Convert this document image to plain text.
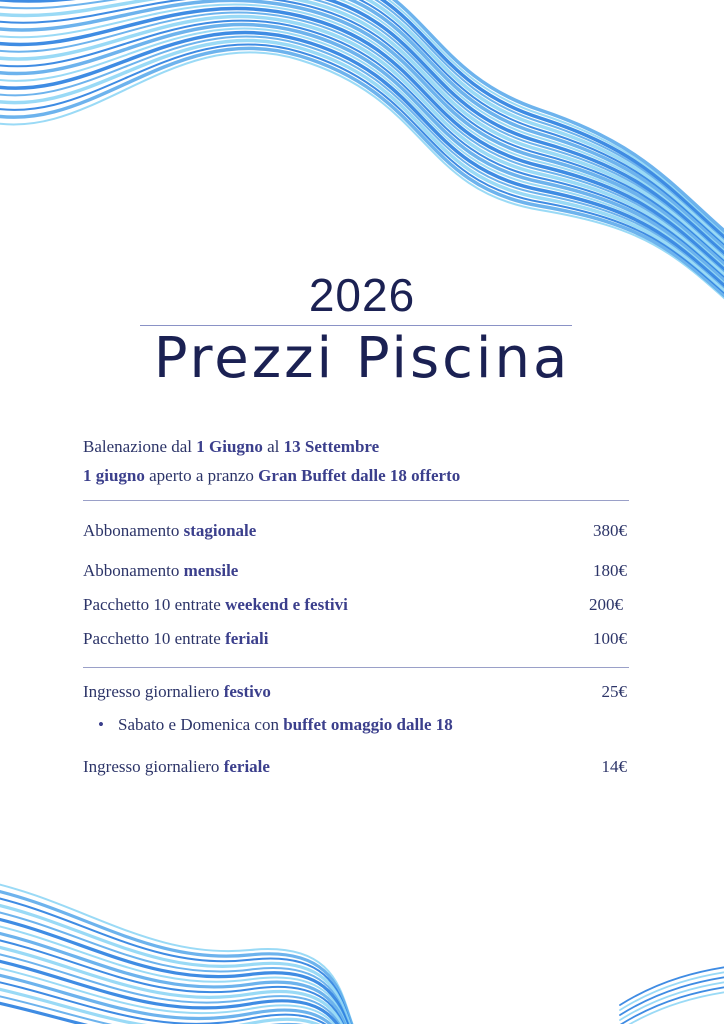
2026
Prezzi Piscina
Balenazione dal 1 Giugno al 13 Settembre
1 giugno aperto a pranzo Gran Buffet dalle 18 offerto
Abbonamento stagionale	380€
Abbonamento mensile	180€
Pacchetto 10 entrate weekend e festivi	200€
Pacchetto 10 entrate feriali	100€
Ingresso giornaliero festivo	25€
• Sabato e Domenica con buffet omaggio dalle 18
Ingresso giornaliero feriale	14€
